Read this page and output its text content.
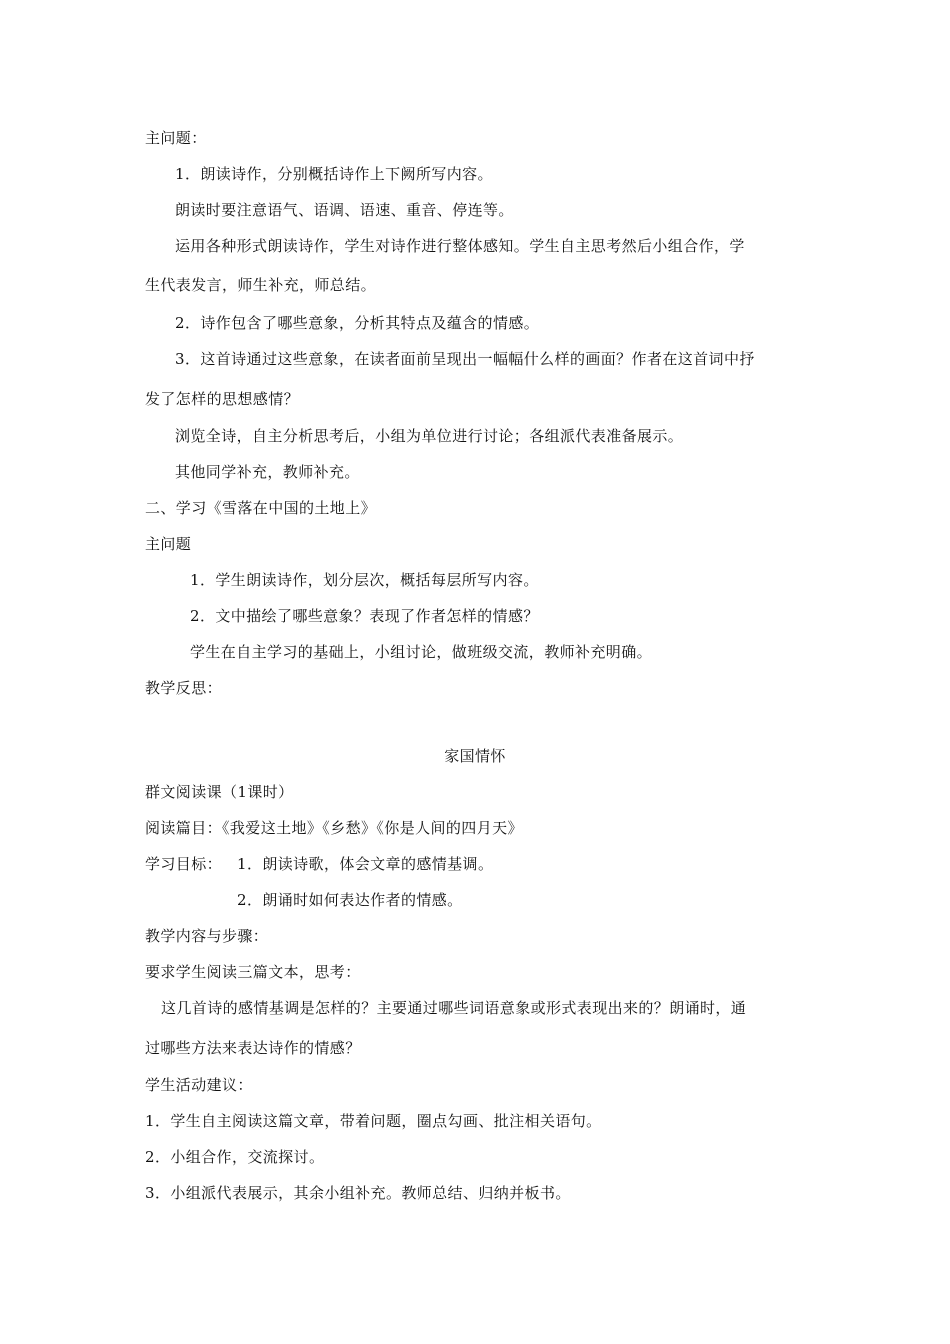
主问题：
1．朗读诗作，分别概括诗作上下阙所写内容。
朗读时要注意语气、语调、语速、重音、停连等。
运用各种形式朗读诗作，学生对诗作进行整体感知。学生自主思考然后小组合作，学
生代表发言，师生补充，师总结。
2．诗作包含了哪些意象，分析其特点及蕴含的情感。
3．这首诗通过这些意象，在读者面前呈现出一幅幅什么样的画面？作者在这首词中抒
发了怎样的思想感情？
浏览全诗，自主分析思考后，小组为单位进行讨论；各组派代表准备展示。
其他同学补充，教师补充。
二、学习《雪落在中国的土地上》
主问题
1．学生朗读诗作，划分层次，概括每层所写内容。
2．文中描绘了哪些意象？表现了作者怎样的情感？
学生在自主学习的基础上，小组讨论，做班级交流，教师补充明确。
教学反思：
家国情怀
群文阅读课（1课时）
阅读篇目：《我爱这土地》《乡愁》《你是人间的四月天》
学习目标： 1．朗读诗歌，体会文章的感情基调。
2．朗诵时如何表达作者的情感。
教学内容与步骤：
要求学生阅读三篇文本，思考：
这几首诗的感情基调是怎样的？主要通过哪些词语意象或形式表现出来的？朗诵时，通
过哪些方法来表达诗作的情感？
学生活动建议：
1．学生自主阅读这篇文章，带着问题，圈点勾画、批注相关语句。
2．小组合作，交流探讨。
3．小组派代表展示，其余小组补充。教师总结、归纳并板书。
